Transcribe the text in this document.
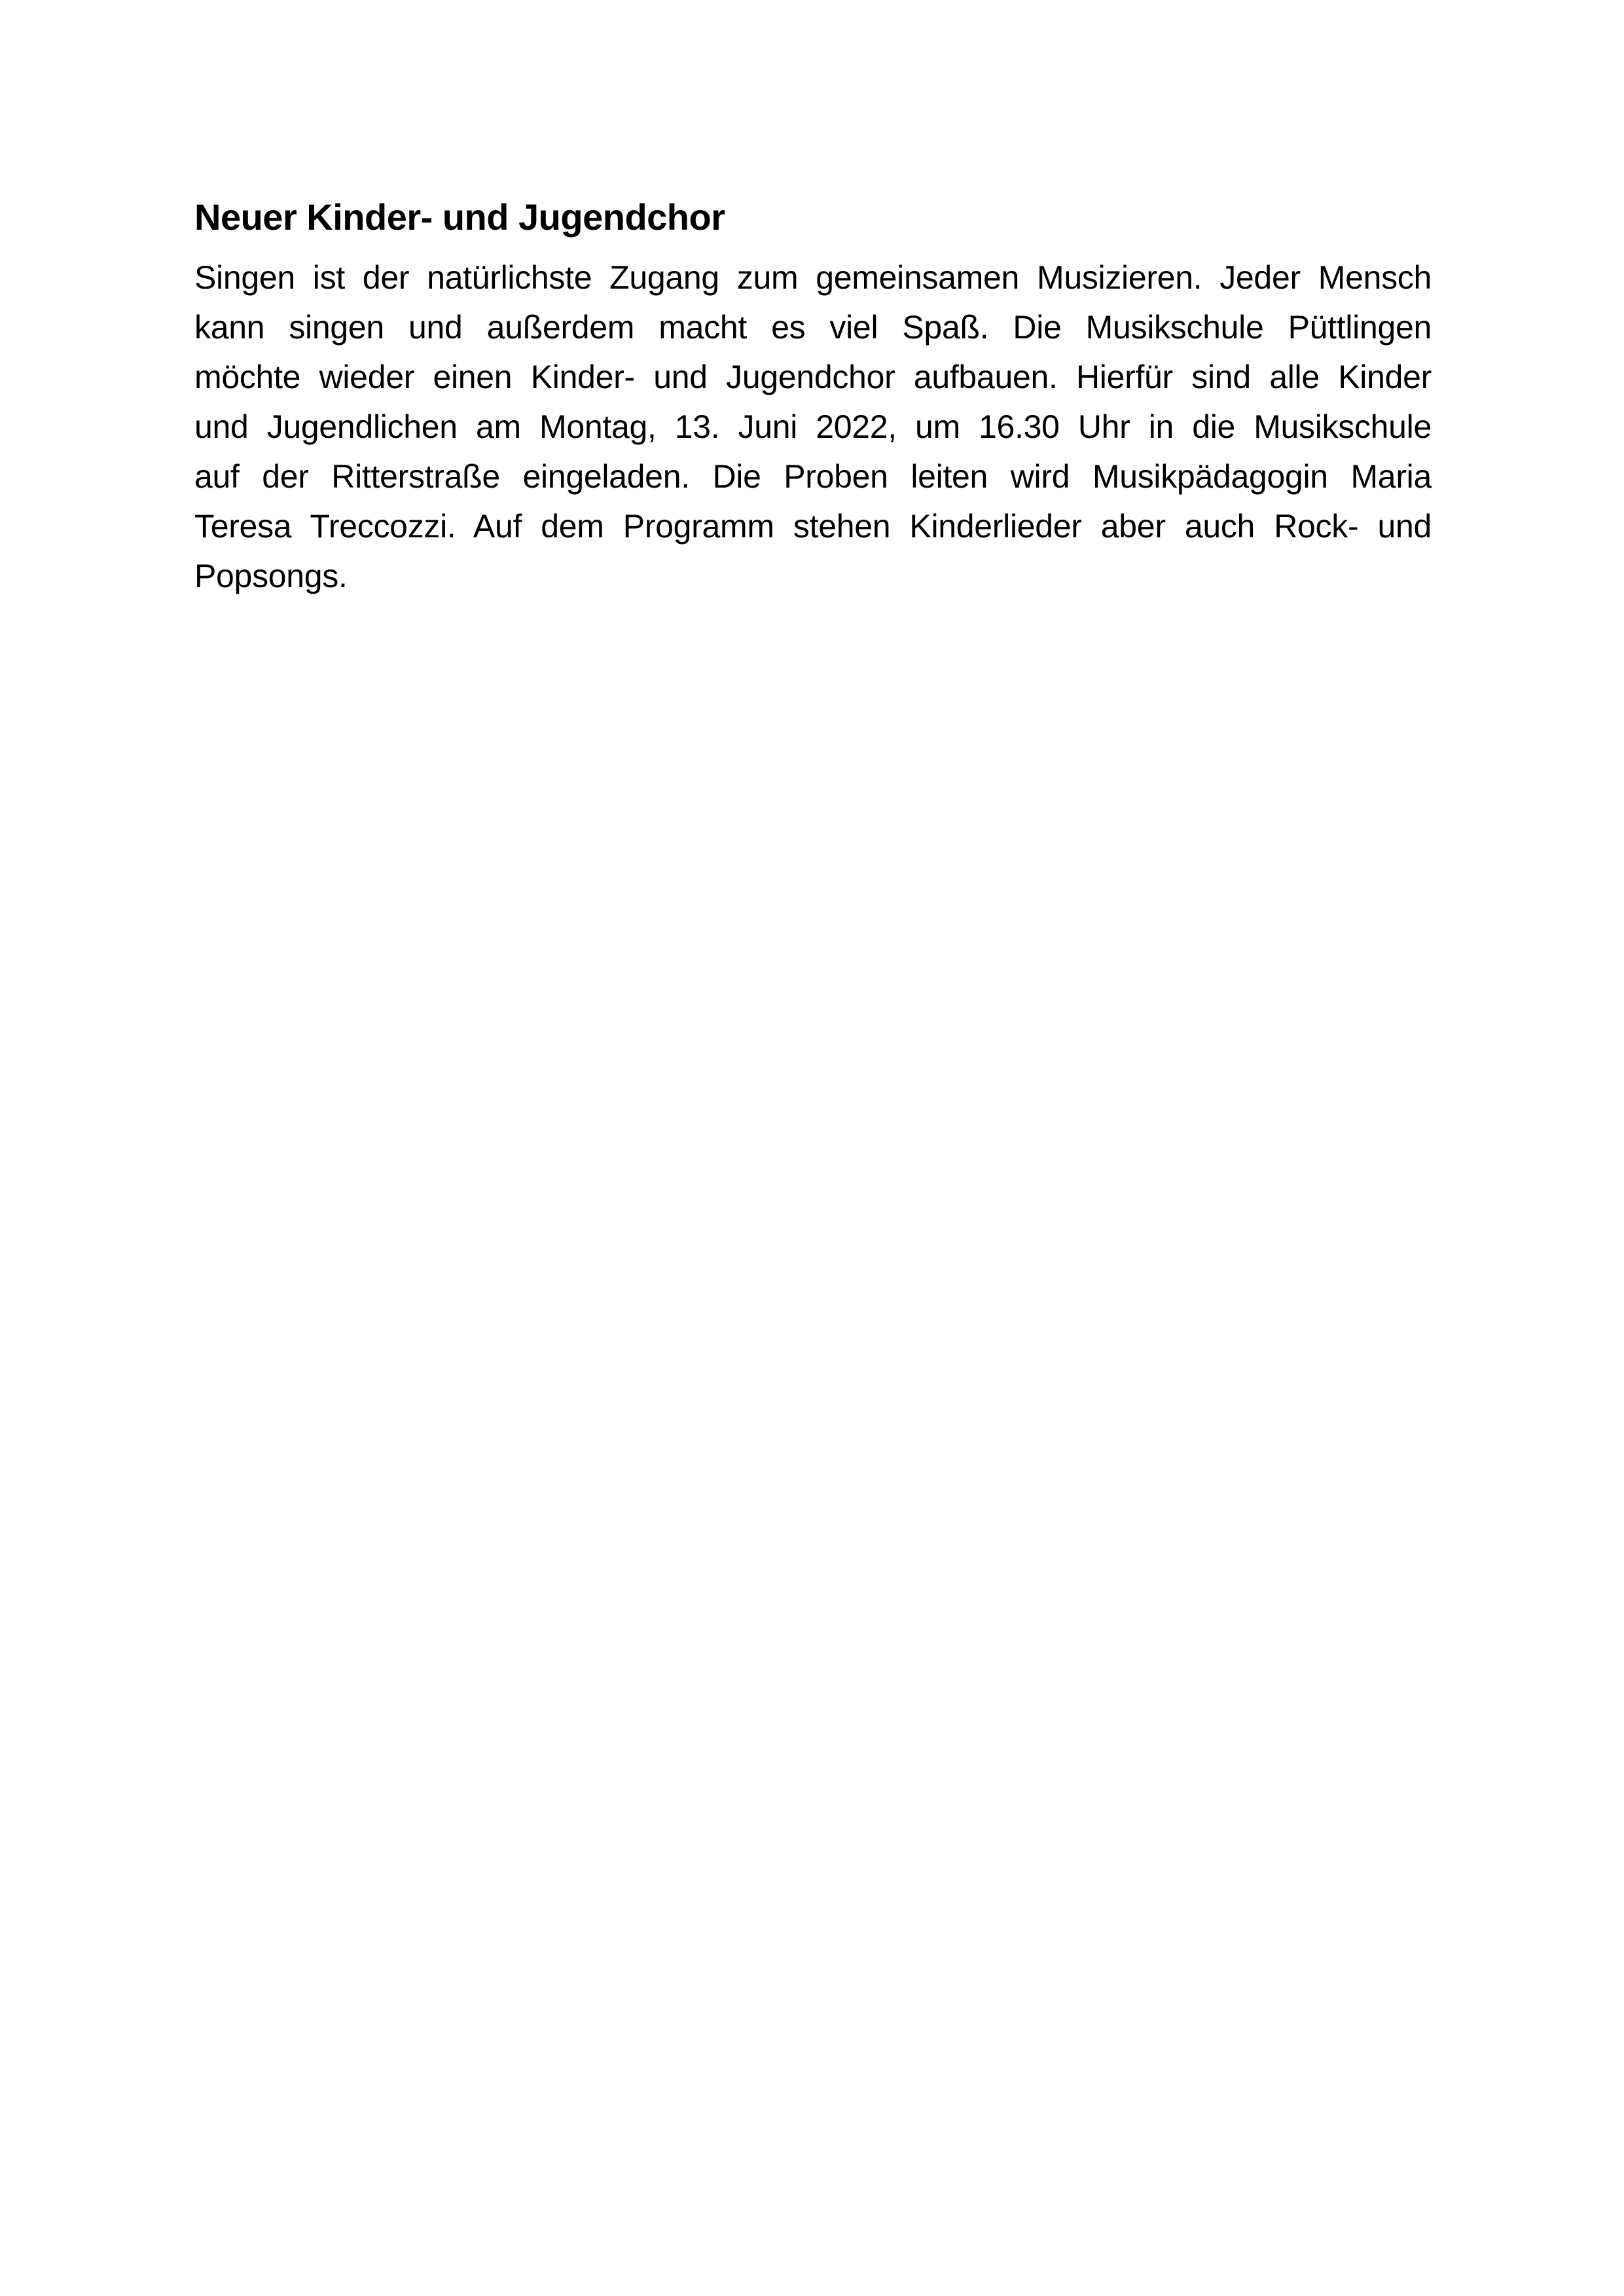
Neuer Kinder- und Jugendchor

Singen ist der natürlichste Zugang zum gemeinsamen Musizieren. Jeder Mensch
kann singen und außerdem macht es viel Spaß. Die Musikschule Püttlingen
möchte wieder einen Kinder- und Jugendchor aufbauen. Hierfür sind alle Kinder
und Jugendlichen am Montag, 13. Juni 2022, um 16.30 Uhr in die Musikschule
auf der Ritterstraße eingeladen. Die Proben leiten wird Musikpädagogin Maria
Teresa Treccozzi. Auf dem Programm stehen Kinderlieder aber auch Rock- und
Popsongs.
